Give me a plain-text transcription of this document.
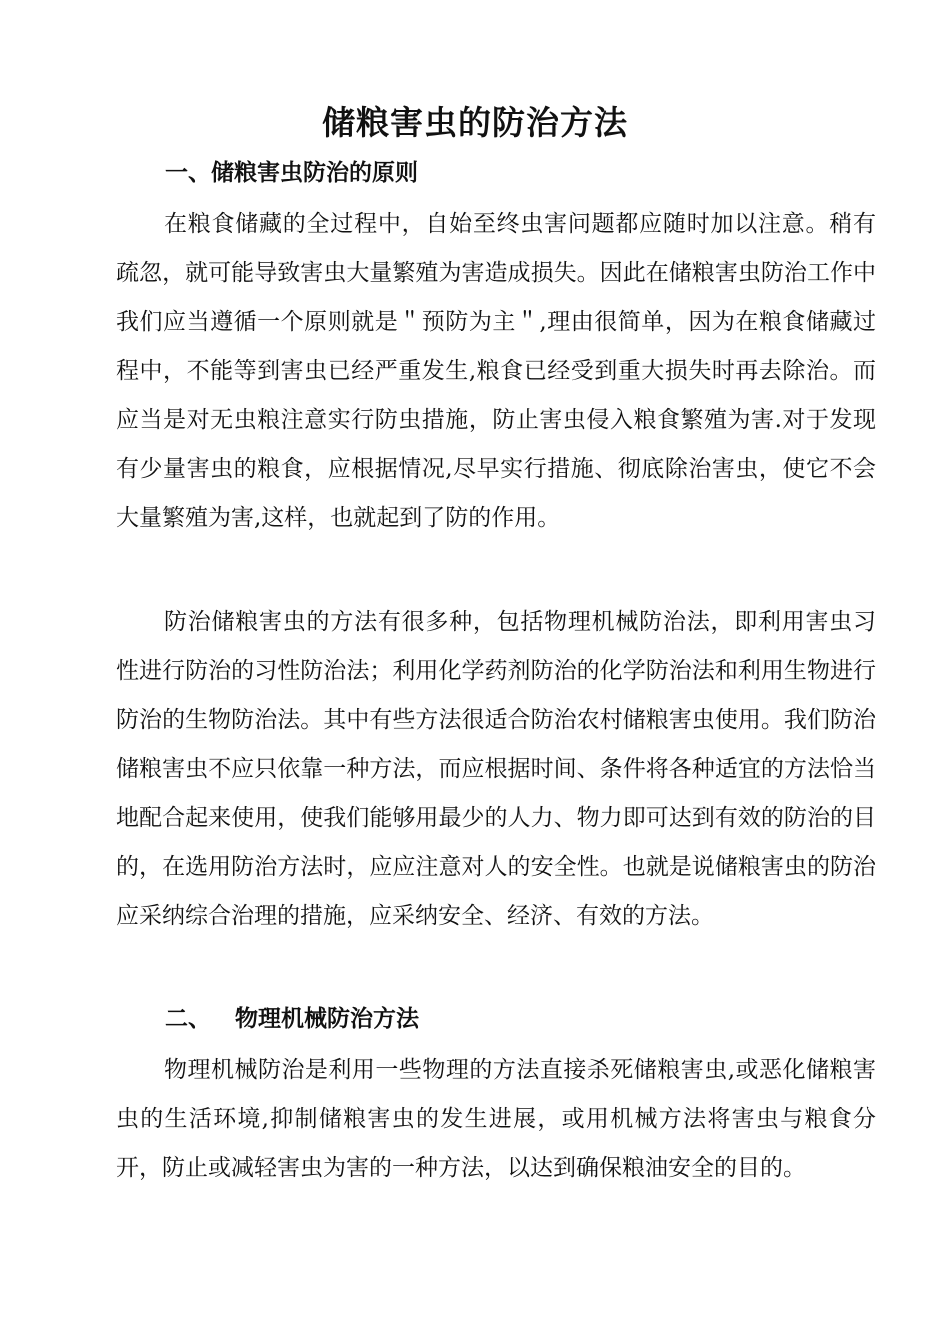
储粮害虫的防治方法
一、储粮害虫防治的原则

在粮食储藏的全过程中，自始至终虫害问题都应随时加以注意。稍有疏忽，就可能导致害虫大量繁殖为害造成损失。因此在储粮害虫防治工作中我们应当遵循一个原则就是＂预防为主＂,理由很简单，因为在粮食储藏过程中，不能等到害虫已经严重发生,粮食已经受到重大损失时再去除治。而应当是对无虫粮注意实行防虫措施，防止害虫侵入粮食繁殖为害.对于发现有少量害虫的粮食，应根据情况,尽早实行措施、彻底除治害虫，使它不会大量繁殖为害,这样，也就起到了防的作用。

防治储粮害虫的方法有很多种，包括物理机械防治法，即利用害虫习性进行防治的习性防治法；利用化学药剂防治的化学防治法和利用生物进行防治的生物防治法。其中有些方法很适合防治农村储粮害虫使用。我们防治储粮害虫不应只依靠一种方法，而应根据时间、条件将各种适宜的方法恰当地配合起来使用，使我们能够用最少的人力、物力即可达到有效的防治的目的，在选用防治方法时，应应注意对人的安全性。也就是说储粮害虫的防治应采纳综合治理的措施，应采纳安全、经济、有效的方法。

二、 物理机械防治方法

物理机械防治是利用一些物理的方法直接杀死储粮害虫,或恶化储粮害虫的生活环境,抑制储粮害虫的发生进展，或用机械方法将害虫与粮食分开，防止或减轻害虫为害的一种方法，以达到确保粮油安全的目的。
